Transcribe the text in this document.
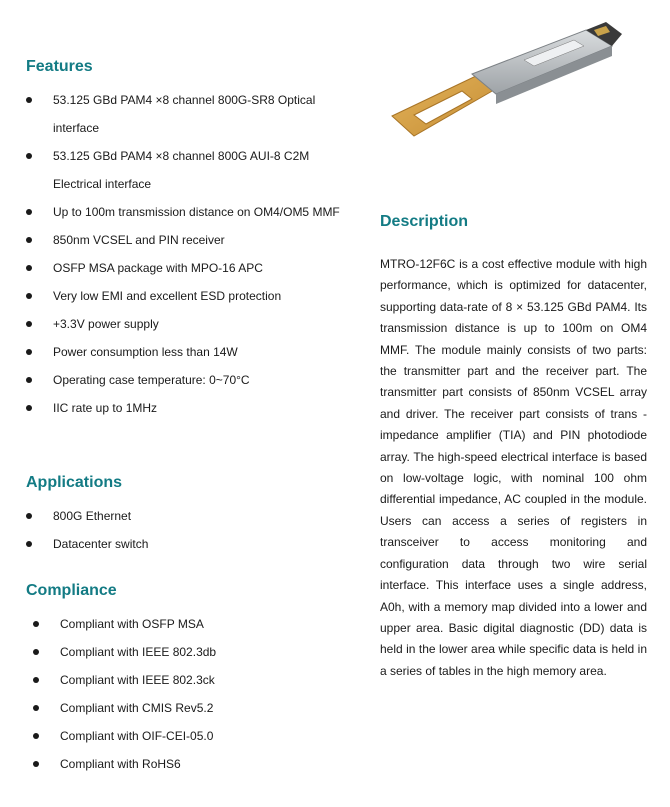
Features
53.125 GBd PAM4 ×8 channel 800G-SR8 Optical interface
53.125 GBd PAM4 ×8 channel 800G AUI-8 C2M Electrical interface
Up to 100m transmission distance on OM4/OM5 MMF
850nm VCSEL and PIN receiver
OSFP MSA package with MPO-16 APC
Very low EMI and excellent ESD protection
+3.3V power supply
Power consumption less than 14W
Operating case temperature: 0~70°C
IIC rate up to 1MHz
Applications
800G Ethernet
Datacenter switch
Compliance
Compliant with OSFP MSA
Compliant with IEEE 802.3db
Compliant with IEEE 802.3ck
Compliant with CMIS Rev5.2
Compliant with OIF-CEI-05.0
Compliant with RoHS6
Description

MTRO-12F6C is a cost effective module with high performance, which is optimized for datacenter, supporting data-rate of 8 × 53.125 GBd PAM4. Its transmission distance is up to 100m on OM4 MMF. The module mainly consists of two parts: the transmitter part and the receiver part. The transmitter part consists of 850nm VCSEL array and driver. The receiver part consists of trans -impedance amplifier (TIA) and PIN photodiode array. The high-speed electrical interface is based on low-voltage logic, with nominal 100 ohm differential impedance, AC coupled in the module. Users can access a series of registers in transceiver to access monitoring and configuration data through two wire serial interface. This interface uses a single address, A0h, with a memory map divided into a lower and upper area. Basic digital diagnostic (DD) data is held in the lower area while specific data is held in a series of tables in the high memory area.
